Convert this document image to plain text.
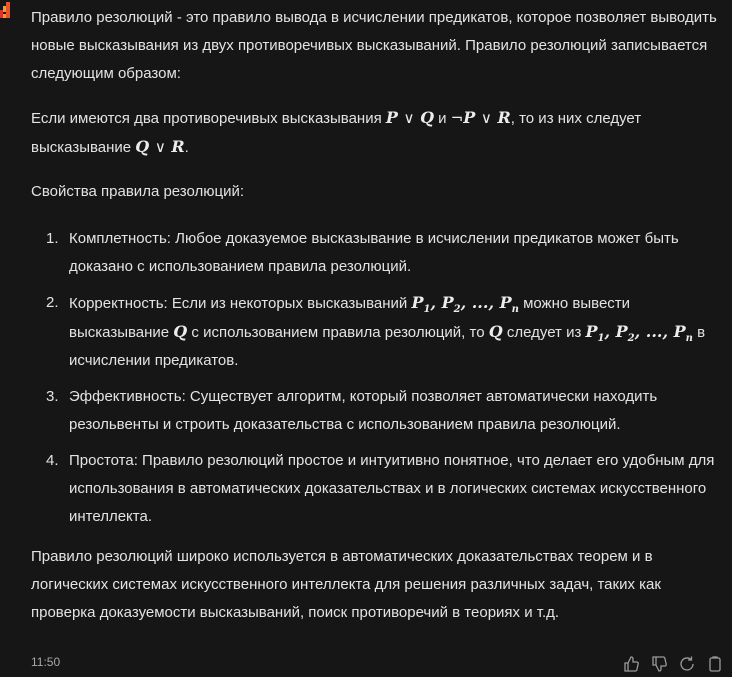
Правило резолюций - это правило вывода в исчислении предикатов, которое позволяет выводить новые высказывания из двух противоречивых высказываний. Правило резолюций записывается следующим образом:

Если имеются два противоречивых высказывания P ∨ Q и ¬P ∨ R, то из них следует высказывание Q ∨ R.

Свойства правила резолюций:

1. Комплетность: Любое доказуемое высказывание в исчислении предикатов может быть доказано с использованием правила резолюций.
2. Корректность: Если из некоторых высказываний $P_1$, $P_2$, ..., $P_n$ можно вывести высказывание Q с использованием правила резолюций, то Q следует из $P_1$, $P_2$, ..., $P_n$ в исчислении предикатов.
3. Эффективность: Существует алгоритм, который позволяет автоматически находить резольвенты и строить доказательства с использованием правила резолюций.
4. Простота: Правило резолюций простое и интуитивно понятное, что делает его удобным для использования в автоматических доказательствах и в логических системах искусственного интеллекта.

Правило резолюций широко используется в автоматических доказательствах теорем и в логических системах искусственного интеллекта для решения различных задач, таких как проверка доказуемости высказываний, поиск противоречий в теориях и т.д.

11:50
